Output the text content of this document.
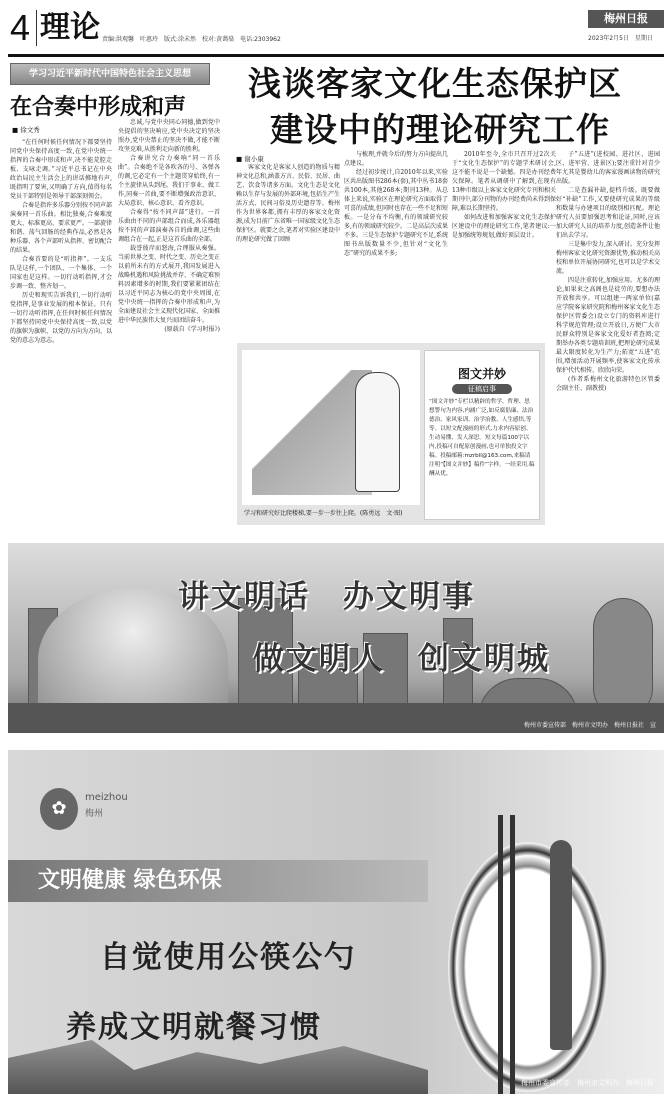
4 理论 责编:洪观馨　叶惠玲　版式:涂未然　校对:黄蔼燊　电话:2303962
梅州日报
2023年2月5日　星期日
学习习近平新时代中国特色社会主义思想
在合奏中形成和声
■ 徐文秀

“在任何时候任何情况下都要坚持同党中央保持高度一致,在党中央统一指挥的合奏中形成和声,决不能荒腔走板、支咏走调。”习近平总书记在中央政治局民主生活会上的讲话掷地有声,既指明了要害,又明确了方向,值得每名党员干部特别是领导干部深刻领会。

合奏是指许多乐器分别按不同声部演奏同一首乐曲。相比独奏,合奏难度更大、标准更高、要求更严。一部旋律和谐、荡气回肠的经典作品,必然是各种乐器、各个声部听从指挥、密切配合的结果。

合奏首要的是“听指挥”。一支乐队是这样,一个团队、一个集体、一个国家也是这样。一切行动听指挥,才会步调一致、整齐划一。

历史和现实告诉我们,一切行动听党指挥,是事业发展的根本保证。只有一切行动听指挥,在任何时候任何情况下都坚持同党中央保持高度一致,以党的旗帜为旗帜、以党的方向为方向、以党的意志为意志。

忠诚,与党中央同心同德,做到党中央提倡的坚决响应,党中央决定的坚决照办,党中央禁止的坚决不做,才能不断攻坚克难,从胜利走向新的胜利。

合奏讲究合力奏响“同一首乐曲”。合奏绝不是各吹各的号、各弹各的调,它必定有一个主题贯穿始终,有一个主旋律从头到尾。我们干事业、做工作,同奏一首曲,要不断增强政治意识、大局意识、核心意识、看齐意识。

合奏得“按不同声部”进行。一首乐曲由不同的声部组合而成,各乐器组按不同的声部演奏各自的曲调,这些曲调组合在一起,正是这首乐曲的全部。

载誉彼岸而怒海,合理服从奏强。当前世界之变、时代之变、历史之变正以前所未有的方式展开,我国发展进入战略机遇和风险挑战并存、不确定难预料因素增多的时期,我们要紧紧团结在以习近平同志为核心的党中央周围,在党中央统一指挥的合奏中形成和声,为全面建设社会主义现代化国家、全面推进中华民族伟大复兴而团结奋斗。

(原载自《学习时报》)

浅谈客家文化生态保护区
建设中的理论研究工作
■ 谢小康

客家文化是客家人创造的物质与精神文化总和,涵盖方言、民俗、民居、曲艺、饮食等诸多方面。文化生态是文化赖以生存与发展的外部环境,包括生产生活方式、民间习俗及历史遗存等。梅州作为世界客都,拥有丰厚的客家文化资源,成为目前广东省唯一国家级文化生态保护区。就要之余,笔者对实验区建设中的理论研究做了回顾

与梳理,并就今后的努力方向提出几点建议。

经过初步统计,自2010年以来,实验区共出版图书286本(套),其中丛书18套共100本,其他268本;期刊13种。从总体上来说,实验区在理论研究方面取得了可喜的成绩,但同时也存在一些不足和短板。一是分布不均衡,有的领域研究较多,有的领域研究较少。二是高层次成果不多。三是生态保护专题研究不足,系统图书出版数量不少,但针对“文化生态”研究的成果不多;

2010年至今,全市只召开过2次关于“文化生态保护”的专题学术研讨会,这不能不说是一个缺憾。四是办刊经费欠保障。笔者从调研中了解到,在现有13种市级以上客家文化研究专刊和相关期刊中,部分刊物的办刊经费尚未得到保障,难以长期坚持。

如何改进和加强客家文化生态保护区建设中的理论研究工作,笔者建议:一是加强统筹规划,做好顶层设计。

子”五进”(进校园、进社区、进园区、进军营、进景区);要注重针对青少年尤其是婴幼儿的客家漫画读物的研究出版。

二是查漏补缺,提档升级。既要做好“补缺”工作,又要使研究成果的等级和数量与办建项目的级别相匹配。理论研究人员要加强思考和论证,同时,应该加大研究人员的培养力度,创造条件让他们出去学习。

三是集中发力,深入研讨。充分发挥梅州客家文化研究资源优势,推动相关高校和单位开展协同研究,也可以是学术交流。

四是注重转化,加强应用。尤多的理论,如果束之高阁也是徒劳的,要想办法开放和共享。可以组建一两家单位(嘉应学院客家研究院和梅州客家文化生态保护区管委会)设立专门的资料库进行科学规范管理;设立开放日,方便广大市民群众特别是客家文化爱好者查阅;定期举办各类专题培训班,把理论研究成果最大限度转化为生产力;拓宽“五进”范围,增加活动开展频率,使客家文化传承保护代代相传、欣欣向荣。

(作者系梅州文化旅游特色区管委会副主任、副教授)

学习和研究好比爬楼梯,要一步一步往上爬。(陈勇远　文·图)
图文并妙
征稿启事
“图文并妙”专栏以精辟的哲学、哲理、思想警句为内容,内涵广泛,如反腐倡廉、法治德治、家风家训、治学治教、人生感悟,等等。以短文配漫画的形式,力求内容原创、生动易懂、发人深思。短文每篇100字以内,投稿可自配原创漫画,也可单独投文字稿。投稿邮箱:mzrbll@163.com,来稿请注明“【图文并妙】稿件”字样。一经采用,稿酬从优。
讲文明话　办文明事
做文明人　创文明城
梅州市委宣传部　梅州市文明办　梅州日报社　宣
✿
meizhou
梅州
文明健康 绿色环保
自觉使用公筷公勺
养成文明就餐习惯
梅州市委宣传部　梅州市文明办　梅州日报
